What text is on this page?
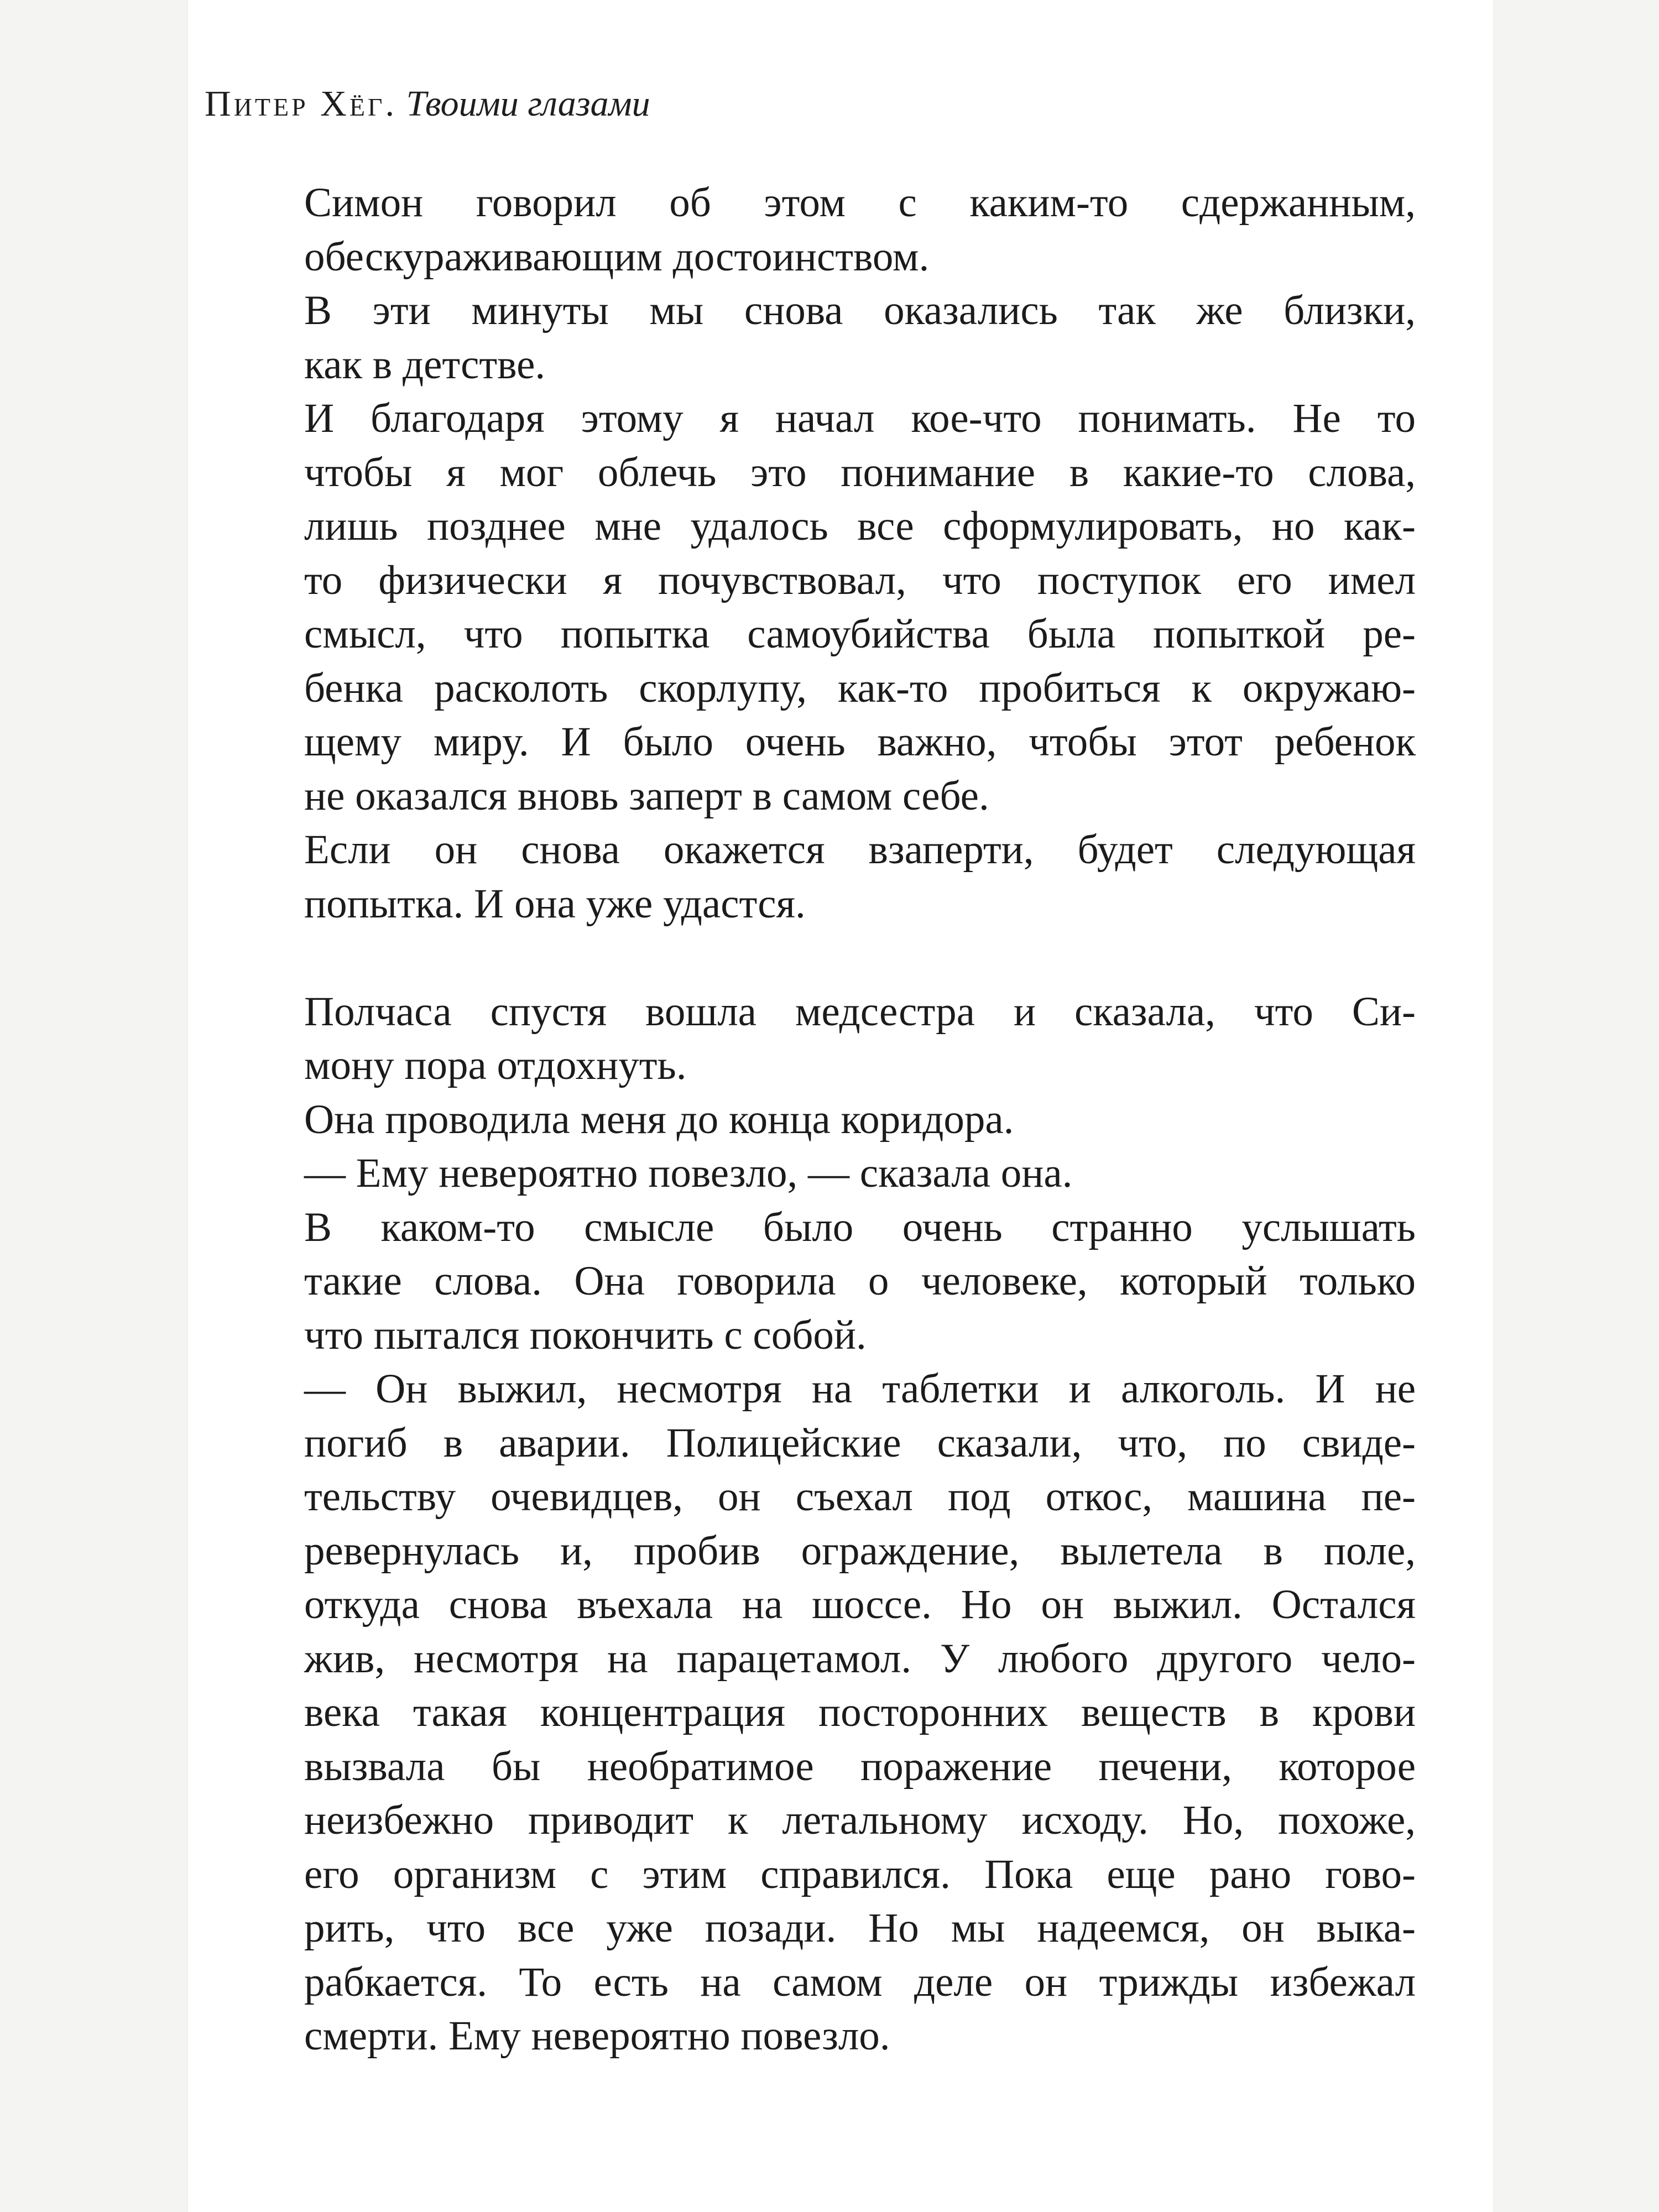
Питер Хёг. Твоими глазами
Симон говорил об этом с каким-то сдержанным,
обескураживающим достоинством.
В эти минуты мы снова оказались так же близки,
как в детстве.
И благодаря этому я начал кое-что понимать. Не то
чтобы я мог облечь это понимание в какие-то слова,
лишь позднее мне удалось все сформулировать, но как-
то физически я почувствовал, что поступок его имел
смысл, что попытка самоубийства была попыткой ре-
бенка расколоть скорлупу, как-то пробиться к окружаю-
щему миру. И было очень важно, чтобы этот ребенок
не оказался вновь заперт в самом себе.
Если он снова окажется взаперти, будет следующая
попытка. И она уже удастся.
Полчаса спустя вошла медсестра и сказала, что Си-
мону пора отдохнуть.
Она проводила меня до конца коридора.
— Ему невероятно повезло, — сказала она.
В каком-то смысле было очень странно услышать
такие слова. Она говорила о человеке, который только
что пытался покончить с собой.
— Он выжил, несмотря на таблетки и алкоголь. И не
погиб в аварии. Полицейские сказали, что, по свиде-
тельству очевидцев, он съехал под откос, машина пе-
ревернулась и, пробив ограждение, вылетела в поле,
откуда снова въехала на шоссе. Но он выжил. Остался
жив, несмотря на парацетамол. У любого другого чело-
века такая концентрация посторонних веществ в крови
вызвала бы необратимое поражение печени, которое
неизбежно приводит к летальному исходу. Но, похоже,
его организм с этим справился. Пока еще рано гово-
рить, что все уже позади. Но мы надеемся, он выка-
рабкается. То есть на самом деле он трижды избежал
смерти. Ему невероятно повезло.
